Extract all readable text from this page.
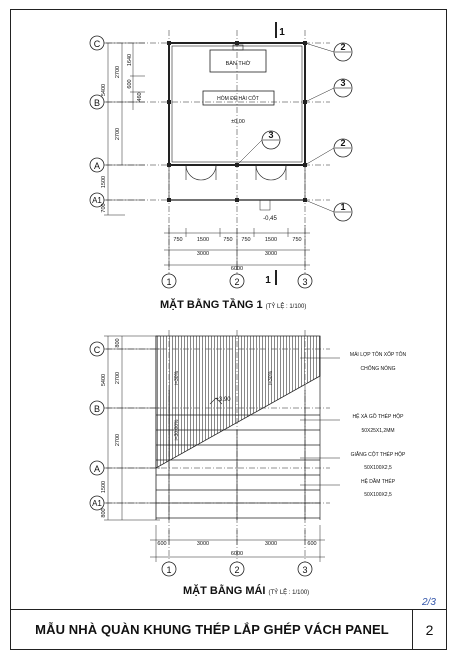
C
B
A
A1
1	2	3
2
3
2
1
3
1
1
BÀN THỜ
HÒM ĐỂ HÀI CỐT
±0,00
-0,45
750	1500	750 750	1500	750
3000	3000
6000
5400
1500
700
2700
2700
1640
600
460
C
B
A
A1
1	2	3
+3,90
600	3000	3000	600
6000
5400
1500
800
800
2700
2700
i=30%	i=30%
i=30,00%
MÁI LỢP TÔN XỐP TÔN
CHỐNG NÓNG
HỆ XÀ GỒ THÉP HỘP
50X25X1,2MM
GIẰNG CỘT THÉP HỘP
50X100X2,5
HỆ DẦM THÉP
50X100X2,5
MẶT BẰNG TẦNG 1 (TỶ LỆ : 1/100)
MẶT BẰNG MÁI (TỶ LỆ : 1/100)
2/3
MẪU NHÀ QUÀN KHUNG THÉP LẮP GHÉP VÁCH PANEL	2
